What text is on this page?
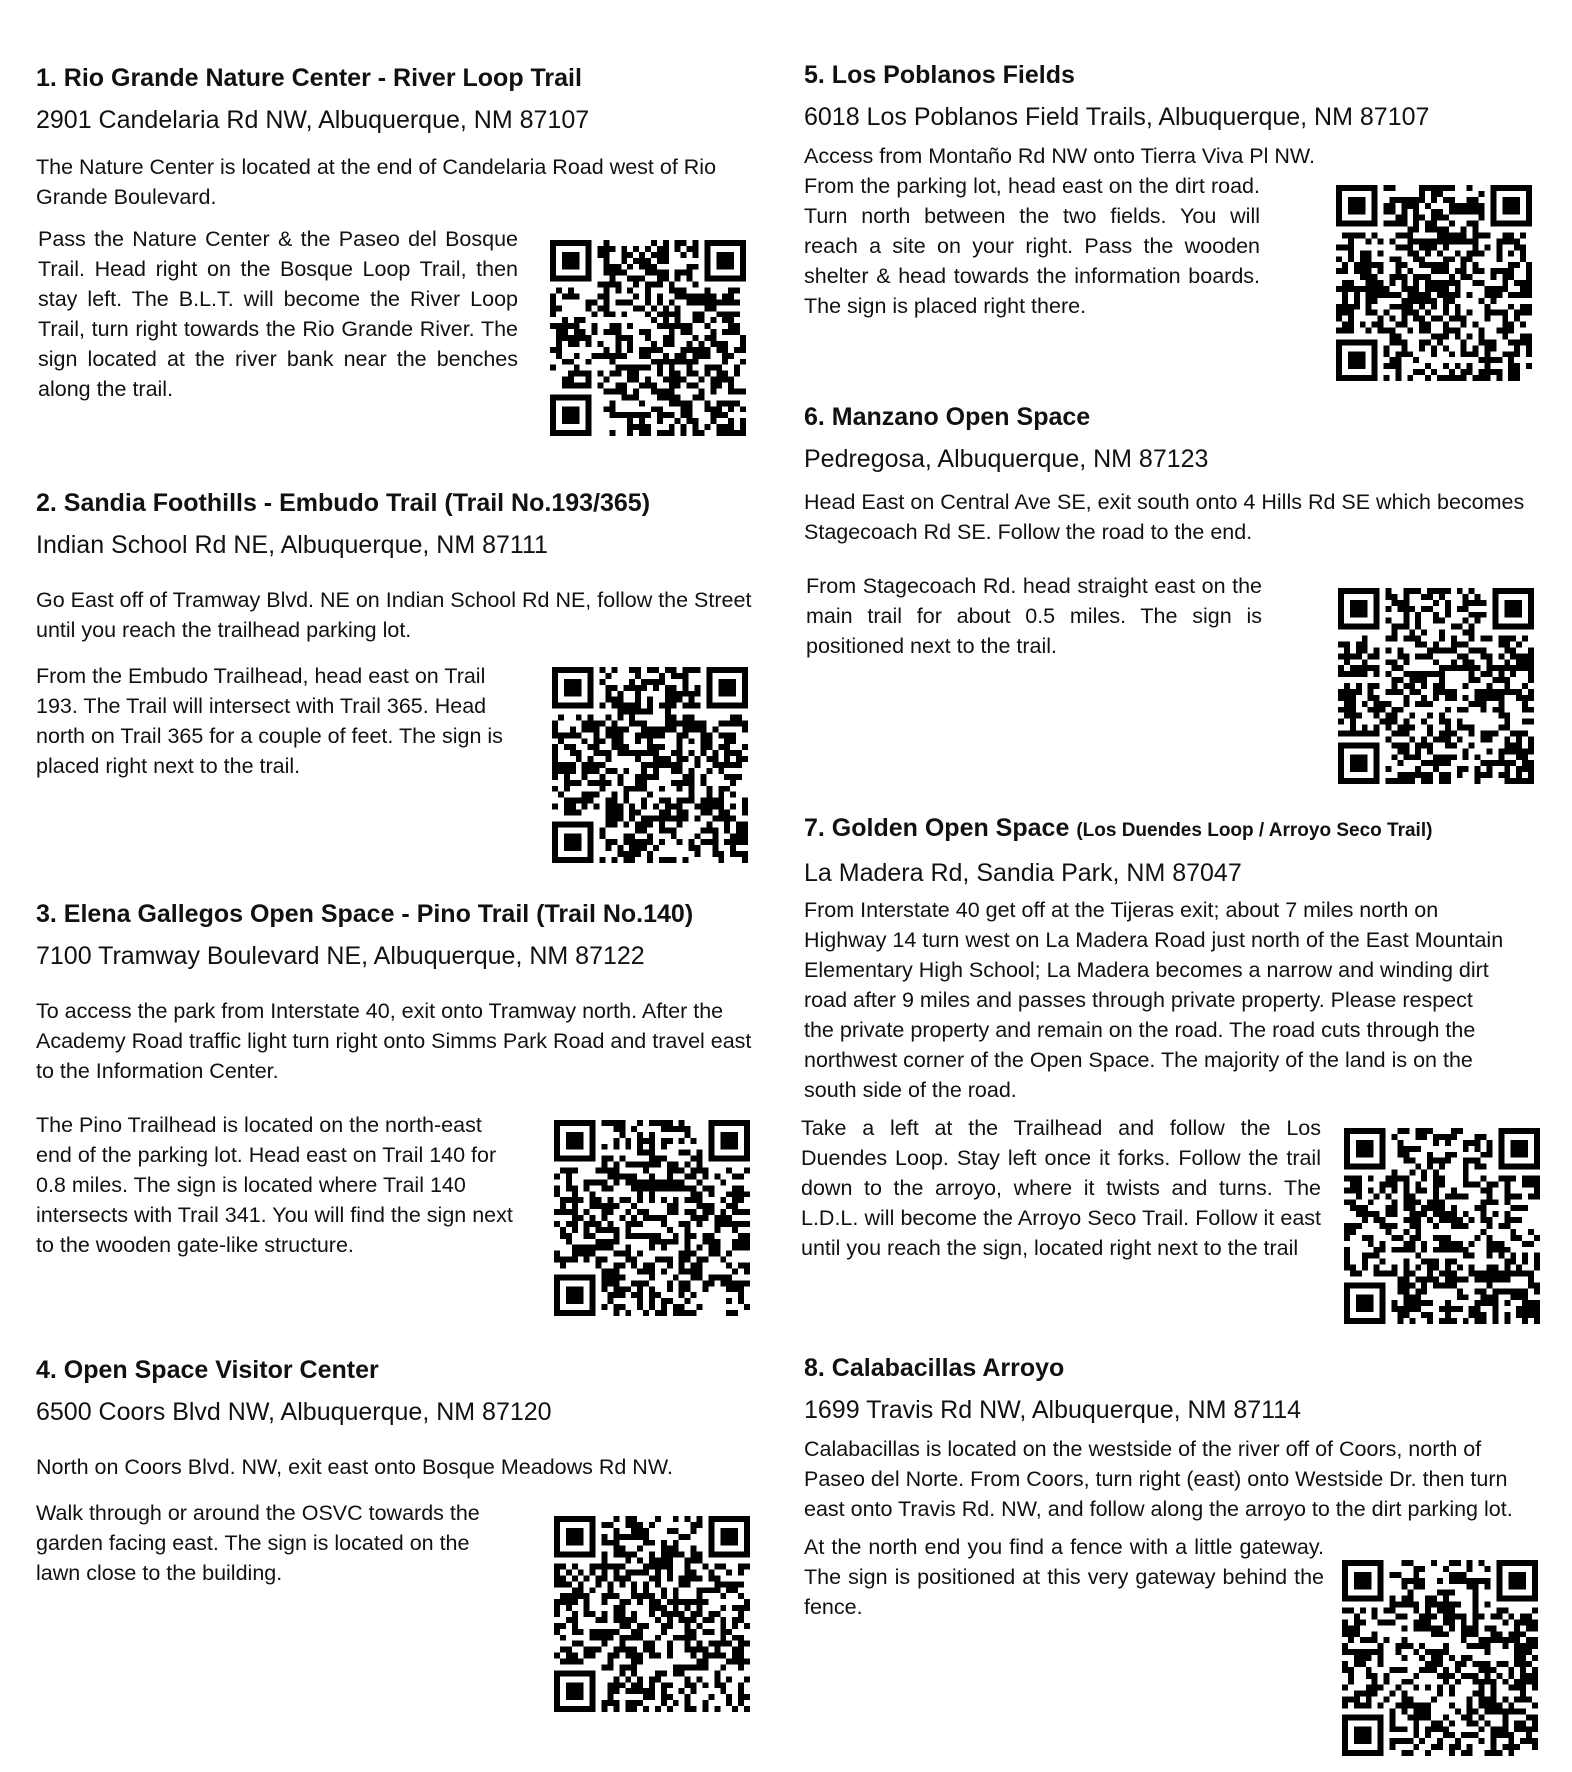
1. Rio Grande Nature Center - River Loop Trail
2901 Candelaria Rd NW, Albuquerque, NM 87107

The Nature Center is located at the end of Candelaria Road west of Rio Grande Boulevard.

Pass the Nature Center & the Paseo del Bosque Trail. Head right on the Bosque Loop Trail, then stay left. The B.L.T. will become the River Loop Trail, turn right towards the Rio Grande River. The sign located at the river bank near the benches along the trail.

2. Sandia Foothills - Embudo Trail (Trail No.193/365)
Indian School Rd NE, Albuquerque, NM 87111

Go East off of Tramway Blvd. NE on Indian School Rd NE, follow the Street until you reach the trailhead parking lot.

From the Embudo Trailhead, head east on Trail 193. The Trail will intersect with Trail 365. Head north on Trail 365 for a couple of feet. The sign is placed right next to the trail.

3. Elena Gallegos Open Space - Pino Trail (Trail No.140)
7100 Tramway Boulevard NE, Albuquerque, NM 87122

To access the park from Interstate 40, exit onto Tramway north. After the Academy Road traffic light turn right onto Simms Park Road and travel east to the Information Center.

The Pino Trailhead is located on the north-east end of the parking lot. Head east on Trail 140 for 0.8 miles. The sign is located where Trail 140 intersects with Trail 341. You will find the sign next to the wooden gate-like structure.

4. Open Space Visitor Center
6500 Coors Blvd NW, Albuquerque, NM 87120

North on Coors Blvd. NW, exit east onto Bosque Meadows Rd NW.

Walk through or around the OSVC towards the garden facing east. The sign is located on the lawn close to the building.

5. Los Poblanos Fields
6018 Los Poblanos Field Trails, Albuquerque, NM 87107

Access from Montaño Rd NW onto Tierra Viva Pl NW.

From the parking lot, head east on the dirt road. Turn north between the two fields. You will reach a site on your right. Pass the wooden shelter & head towards the information boards. The sign is placed right there.

6. Manzano Open Space
Pedregosa, Albuquerque, NM 87123

Head East on Central Ave SE, exit south onto 4 Hills Rd SE which becomes Stagecoach Rd SE. Follow the road to the end.

From Stagecoach Rd. head straight east on the main trail for about 0.5 miles. The sign is positioned next to the trail.

7. Golden Open Space (Los Duendes Loop / Arroyo Seco Trail)
La Madera Rd, Sandia Park, NM 87047

From Interstate 40 get off at the Tijeras exit; about 7 miles north on Highway 14 turn west on La Madera Road just north of the East Mountain Elementary High School; La Madera becomes a narrow and winding dirt road after 9 miles and passes through private property. Please respect the private property and remain on the road. The road cuts through the northwest corner of the Open Space. The majority of the land is on the south side of the road.

Take a left at the Trailhead and follow the Los Duendes Loop. Stay left once it forks. Follow the trail down to the arroyo, where it twists and turns. The L.D.L. will become the Arroyo Seco Trail. Follow it east until you reach the sign, located right next to the trail

8. Calabacillas Arroyo
1699 Travis Rd NW, Albuquerque, NM 87114

Calabacillas is located on the westside of the river off of Coors, north of Paseo del Norte. From Coors, turn right (east) onto Westside Dr. then turn east onto Travis Rd. NW, and follow along the arroyo to the dirt parking lot.

At the north end you find a fence with a little gateway. The sign is positioned at this very gateway behind the fence.
